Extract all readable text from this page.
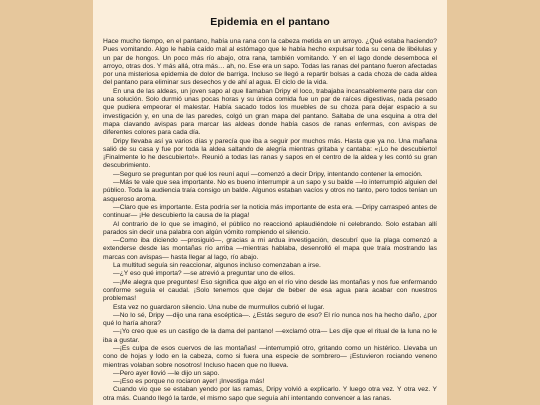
Epidemia en el pantano

Hace mucho tiempo, en el pantano, había una rana con la cabeza metida en un arroyo. ¿Qué estaba haciendo? Pues vomitando. Algo le había caído mal al estómago que le había hecho expulsar toda su cena de libélulas y un par de hongos. Un poco más río abajo, otra rana, también vomitando. Y en el lago donde desemboca el arroyo, otras dos. Y más allá, otra más… ah, no. Ese era un sapo. Todas las ranas del pantano fueron afectadas por una misteriosa epidemia de dolor de barriga. Incluso se llegó a repartir bolsas a cada choza de cada aldea del pantano para eliminar sus desechos y de ahí al agua. El ciclo de la vida.

En una de las aldeas, un joven sapo al que llamaban Dripy el loco, trabajaba incansablemente para dar con una solución. Solo durmió unas pocas horas y su única comida fue un par de raíces digestivas, nada pesado que pudiera empeorar el malestar. Había sacado todos los muebles de su choza para dejar espacio a su investigación y, en una de las paredes, colgó un gran mapa del pantano. Saltaba de una esquina a otra del mapa clavando avispas para marcar las aldeas donde había casos de ranas enfermas, con avispas de diferentes colores para cada día.

Dripy llevaba así ya varios días y parecía que iba a seguir por muchos más. Hasta que ya no. Una mañana salió de su casa y fue por toda la aldea saltando de alegría mientras gritaba y cantaba: «¡Lo he descubierto! ¡Finalmente lo he descubierto!». Reunió a todas las ranas y sapos en el centro de la aldea y les contó su gran descubrimiento.

—Seguro se preguntan por qué los reuní aquí —comenzó a decir Dripy, intentando contener la emoción.

—Más te vale que sea importante. No es bueno interrumpir a un sapo y su balde —lo interrumpió alguien del público. Toda la audiencia traía consigo un balde. Algunos estaban vacíos y otros no tanto, pero todos tenían un asqueroso aroma.

—Claro que es importante. Esta podría ser la noticia más importante de esta era. —Dripy carraspeó antes de continuar— ¡He descubierto la causa de la plaga!

Al contrario de lo que se imaginó, el público no reaccionó aplaudiéndole ni celebrando. Solo estaban allí parados sin decir una palabra con algún vómito rompiendo el silencio.

—Como iba diciendo —prosiguió—, gracias a mi ardua investigación, descubrí que la plaga comenzó a extenderse desde las montañas río arriba —mientras hablaba, desenrolló el mapa que traía mostrando las marcas con avispas— hasta llegar al lago, río abajo.

La multitud seguía sin reaccionar, algunos incluso comenzaban a irse.

—¿Y eso qué importa? —se atrevió a preguntar uno de ellos.

—¡Me alegra que preguntes! Eso significa que algo en el río vino desde las montañas y nos fue enfermando conforme seguía el caudal. ¡Solo tenemos que dejar de beber de esa agua para acabar con nuestros problemas!

Esta vez no guardaron silencio. Una nube de murmullos cubrió el lugar.

—No lo sé, Dripy —dijo una rana escéptica—. ¿Estás seguro de eso? El río nunca nos ha hecho daño, ¿por qué lo haría ahora?

—¡Yo creo que es un castigo de la dama del pantano! —exclamó otra— Les dije que el ritual de la luna no le iba a gustar.

—¡Es culpa de esos cuervos de las montañas! —interrumpió otro, gritando como un histérico. Llevaba un cono de hojas y lodo en la cabeza, como si fuera una especie de sombrero— ¡Estuvieron rociando veneno mientras volaban sobre nosotros! Incluso hacen que no llueva.

—Pero ayer llovió —le dijo un sapo.

—¡Eso es porque no rociaron ayer! ¡Investiga más!

Cuando vio que se estaban yendo por las ramas, Dripy volvió a explicarlo. Y luego otra vez. Y otra vez. Y otra más. Cuando llegó la tarde, el mismo sapo que seguía ahí intentando convencer a las ranas.
